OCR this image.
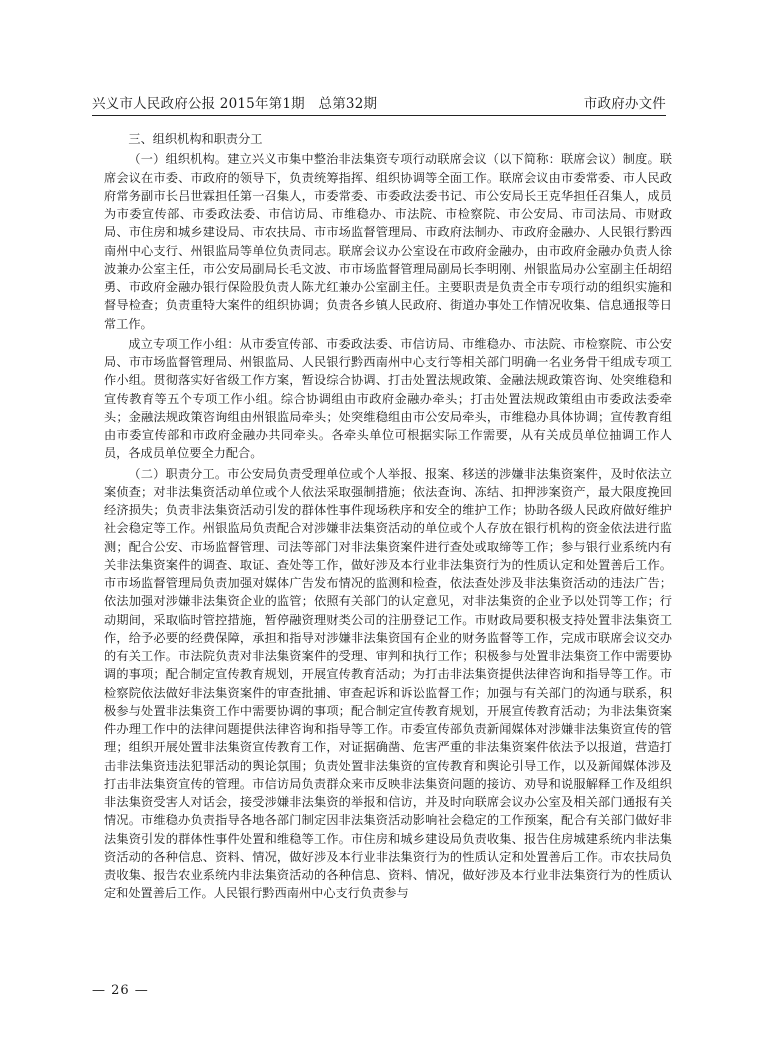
兴义市人民政府公报 2015年第1期　总第32期	市政府办文件

三、组织机构和职责分工

（一）组织机构。建立兴义市集中整治非法集资专项行动联席会议（以下简称：联席会议）制度。联席会议在市委、市政府的领导下，负责统筹指挥、组织协调等全面工作。联席会议由市委常委、市人民政府常务副市长吕世霖担任第一召集人，市委常委、市委政法委书记、市公安局长王克华担任召集人，成员为市委宣传部、市委政法委、市信访局、市维稳办、市法院、市检察院、市公安局、市司法局、市财政局、市住房和城乡建设局、市农扶局、市市场监督管理局、市政府法制办、市政府金融办、人民银行黔西南州中心支行、州银监局等单位负责同志。联席会议办公室设在市政府金融办，由市政府金融办负责人徐波兼办公室主任，市公安局副局长毛文波、市市场监督管理局副局长李明刚、州银监局办公室副主任胡绍勇、市政府金融办银行保险股负责人陈尤红兼办公室副主任。主要职责是负责全市专项行动的组织实施和督导检查；负责重特大案件的组织协调；负责各乡镇人民政府、街道办事处工作情况收集、信息通报等日常工作。

成立专项工作小组：从市委宣传部、市委政法委、市信访局、市维稳办、市法院、市检察院、市公安局、市市场监督管理局、州银监局、人民银行黔西南州中心支行等相关部门明确一名业务骨干组成专项工作小组。贯彻落实好省级工作方案，暂设综合协调、打击处置法规政策、金融法规政策咨询、处突维稳和宣传教育等五个专项工作小组。综合协调组由市政府金融办牵头；打击处置法规政策组由市委政法委牵头；金融法规政策咨询组由州银监局牵头；处突维稳组由市公安局牵头，市维稳办具体协调；宣传教育组由市委宣传部和市政府金融办共同牵头。各牵头单位可根据实际工作需要，从有关成员单位抽调工作人员，各成员单位要全力配合。

（二）职责分工。市公安局负责受理单位或个人举报、报案、移送的涉嫌非法集资案件，及时依法立案侦查；对非法集资活动单位或个人依法采取强制措施；依法查询、冻结、扣押涉案资产，最大限度挽回经济损失；负责非法集资活动引发的群体性事件现场秩序和安全的维护工作；协助各级人民政府做好维护社会稳定等工作。州银监局负责配合对涉嫌非法集资活动的单位或个人存放在银行机构的资金依法进行监测；配合公安、市场监督管理、司法等部门对非法集资案件进行查处或取缔等工作；参与银行业系统内有关非法集资案件的调查、取证、查处等工作，做好涉及本行业非法集资行为的性质认定和处置善后工作。市市场监督管理局负责加强对媒体广告发布情况的监测和检查，依法查处涉及非法集资活动的违法广告；依法加强对涉嫌非法集资企业的监管；依照有关部门的认定意见，对非法集资的企业予以处罚等工作；行动期间，采取临时管控措施，暂停融资理财类公司的注册登记工作。市财政局要积极支持处置非法集资工作，给予必要的经费保障，承担和指导对涉嫌非法集资国有企业的财务监督等工作，完成市联席会议交办的有关工作。市法院负责对非法集资案件的受理、审判和执行工作；积极参与处置非法集资工作中需要协调的事项；配合制定宣传教育规划，开展宣传教育活动；为打击非法集资提供法律咨询和指导等工作。市检察院依法做好非法集资案件的审查批捕、审查起诉和诉讼监督工作；加强与有关部门的沟通与联系，积极参与处置非法集资工作中需要协调的事项；配合制定宣传教育规划，开展宣传教育活动；为非法集资案件办理工作中的法律问题提供法律咨询和指导等工作。市委宣传部负责新闻媒体对涉嫌非法集资宣传的管理；组织开展处置非法集资宣传教育工作，对证据确凿、危害严重的非法集资案件依法予以报道，营造打击非法集资违法犯罪活动的舆论氛围；负责处置非法集资的宣传教育和舆论引导工作，以及新闻媒体涉及打击非法集资宣传的管理。市信访局负责群众来市反映非法集资问题的接访、劝导和说服解释工作及组织非法集资受害人对话会，接受涉嫌非法集资的举报和信访，并及时向联席会议办公室及相关部门通报有关情况。市维稳办负责指导各地各部门制定因非法集资活动影响社会稳定的工作预案，配合有关部门做好非法集资引发的群体性事件处置和维稳等工作。市住房和城乡建设局负责收集、报告住房城建系统内非法集资活动的各种信息、资料、情况，做好涉及本行业非法集资行为的性质认定和处置善后工作。市农扶局负责收集、报告农业系统内非法集资活动的各种信息、资料、情况，做好涉及本行业非法集资行为的性质认定和处置善后工作。人民银行黔西南州中心支行负责参与

— 26 —
